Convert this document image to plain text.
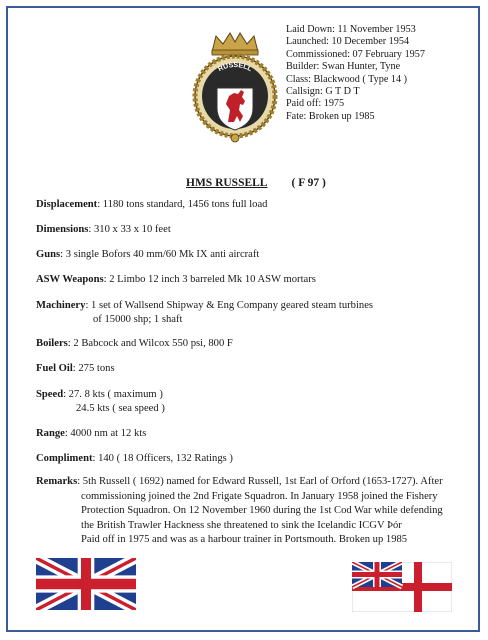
RUSSELL
Laid Down: 11 November 1953
Launched: 10 December 1954
Commissioned: 07 February 1957
Builder: Swan Hunter, Tyne
Class: Blackwood ( Type 14 )
Callsign: G T D T
Paid off: 1975
Fate: Broken up 1985
HMS RUSSELL ( F 97 )
Displacement: 1180 tons standard, 1456 tons full load
Dimensions: 310 x 33 x 10 feet
Guns: 3 single Bofors 40 mm/60 Mk IX anti aircraft
ASW Weapons: 2 Limbo 12 inch 3 barreled Mk 10 ASW mortars
Machinery: 1 set of Wallsend Shipway & Eng Company geared steam turbines
of 15000 shp; 1 shaft
Boilers: 2 Babcock and Wilcox 550 psi, 800 F
Fuel Oil: 275 tons
Speed: 27. 8 kts ( maximum )
24.5 kts ( sea speed )
Range: 4000 nm at 12 kts
Compliment: 140 ( 18 Officers, 132 Ratings )
Remarks: 5th Russell ( 1692) named for Edward Russell, 1st Earl of Orford (1653-1727). After
commissioning joined the 2nd Frigate Squadron. In January 1958 joined the Fishery
Protection Squadron. On 12 November 1960 during the 1st Cod War while defending
the British Trawler Hackness she threatened to sink the Icelandic ICGV Þór
Paid off in 1975 and was as a harbour trainer in Portsmouth. Broken up 1985
